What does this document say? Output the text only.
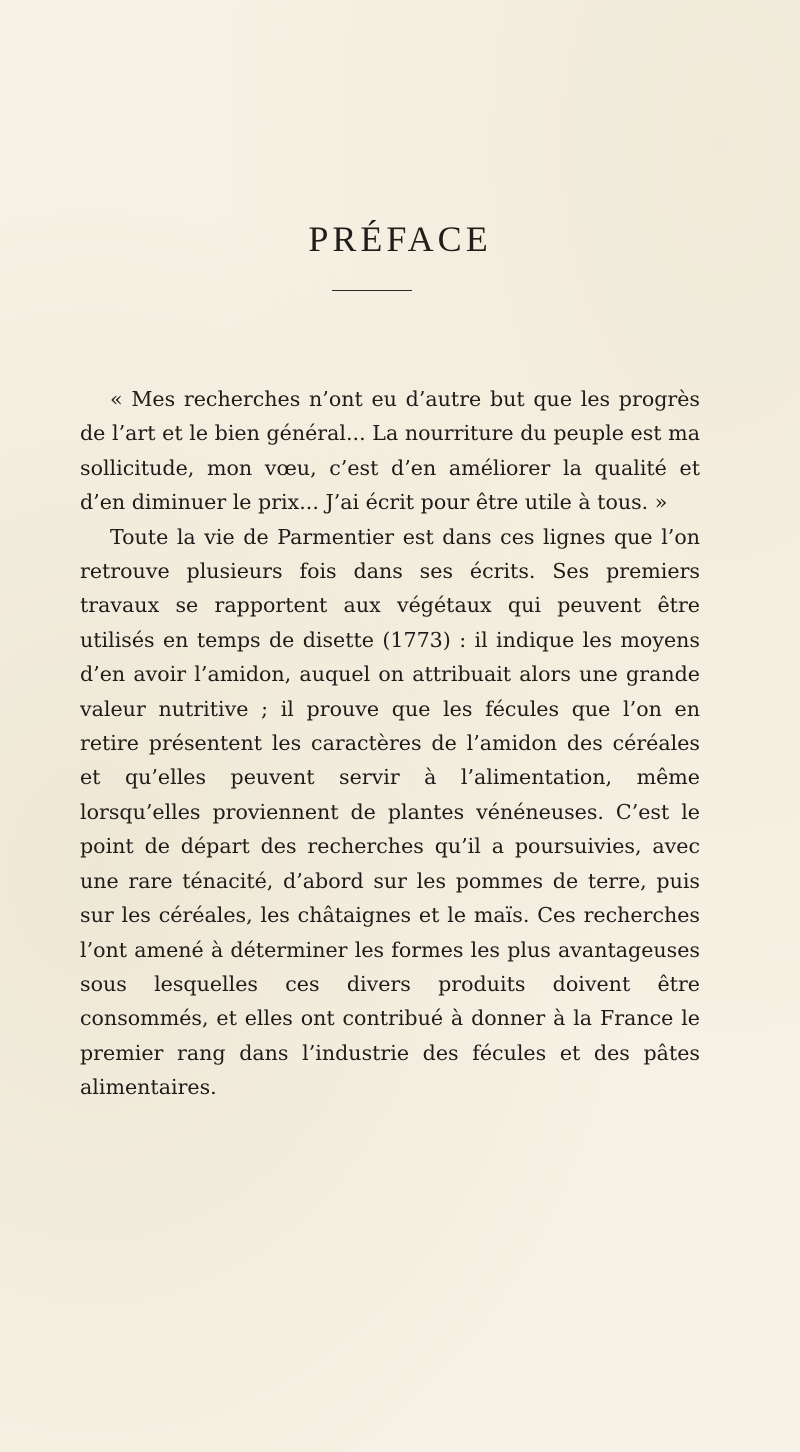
PRÉFACE

« Mes recherches n’ont eu d’autre but que les progrès de l’art et le bien général... La nourriture du peuple est ma sollicitude, mon vœu, c’est d’en améliorer la qualité et d’en diminuer le prix... J’ai écrit pour être utile à tous. »

Toute la vie de Parmentier est dans ces lignes que l’on retrouve plusieurs fois dans ses écrits. Ses premiers travaux se rapportent aux végétaux qui peuvent être utilisés en temps de disette (1773) : il indique les moyens d’en avoir l’amidon, auquel on attribuait alors une grande valeur nutritive ; il prouve que les fécules que l’on en retire présentent les caractères de l’amidon des céréales et qu’elles peuvent servir à l’alimentation, même lorsqu’elles proviennent de plantes vénéneuses. C’est le point de départ des recherches qu’il a poursuivies, avec une rare ténacité, d’abord sur les pommes de terre, puis sur les céréales, les châtaignes et le maïs. Ces recherches l’ont amené à déterminer les formes les plus avantageuses sous lesquelles ces divers produits doivent être consommés, et elles ont contribué à donner à la France le premier rang dans l’industrie des fécules et des pâtes alimentaires.
